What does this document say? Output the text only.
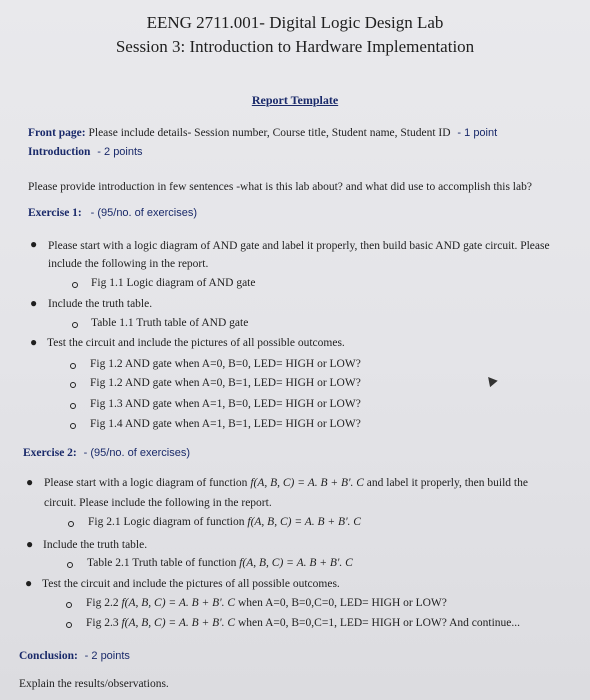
EENG 2711.001- Digital Logic Design Lab
Session 3: Introduction to Hardware Implementation
Report Template
Front page: Please include details- Session number, Course title, Student name, Student ID - 1 point
Introduction - 2 points
Please provide introduction in few sentences -what is this lab about? and what did use to accomplish this lab?
Exercise 1: - (95/no. of exercises)
● Please start with a logic diagram of AND gate and label it properly, then build basic AND gate circuit. Please
include the following in the report.
Fig 1.1 Logic diagram of AND gate
● Include the truth table.
Table 1.1 Truth table of AND gate
● Test the circuit and include the pictures of all possible outcomes.
Fig 1.2 AND gate when A=0, B=0, LED= HIGH or LOW?
Fig 1.2 AND gate when A=0, B=1, LED= HIGH or LOW?
Fig 1.3 AND gate when A=1, B=0, LED= HIGH or LOW?
Fig 1.4 AND gate when A=1, B=1, LED= HIGH or LOW?
Exercise 2: - (95/no. of exercises)
● Please start with a logic diagram of function f(A, B, C) = A. B + B'. C and label it properly, then build the
circuit. Please include the following in the report.
Fig 2.1 Logic diagram of function f(A, B, C) = A. B + B'. C
● Include the truth table.
Table 2.1 Truth table of function f(A, B, C) = A. B + B'. C
● Test the circuit and include the pictures of all possible outcomes.
Fig 2.2 f(A, B, C) = A. B + B'. C when A=0, B=0,C=0, LED= HIGH or LOW?
Fig 2.3 f(A, B, C) = A. B + B'. C when A=0, B=0,C=1, LED= HIGH or LOW? And continue...
Conclusion: - 2 points
Explain the results/observations.
